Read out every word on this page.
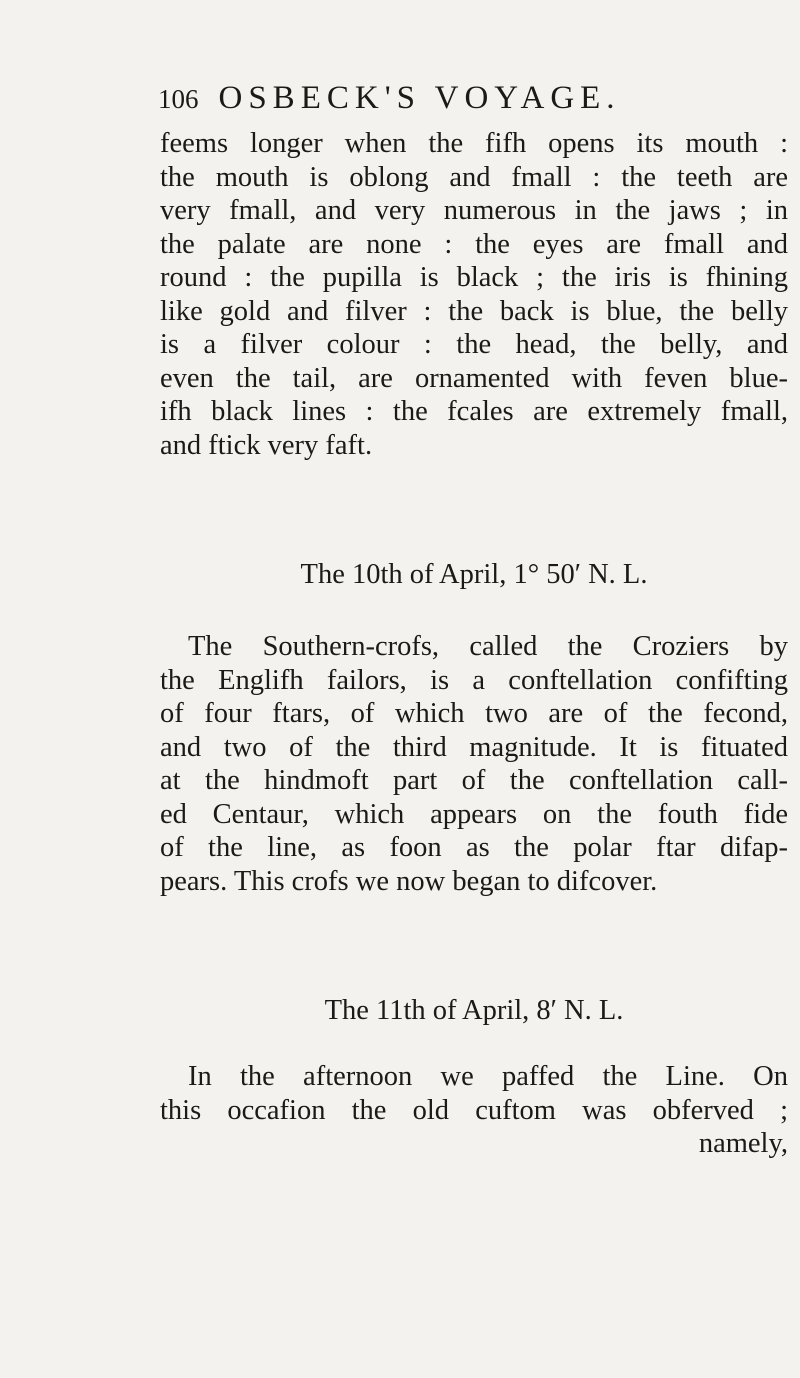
106 OSBECK'S VOYAGE.
feems longer when the fifh opens its mouth :
the mouth is oblong and fmall : the teeth are
very fmall, and very numerous in the jaws ; in
the palate are none : the eyes are fmall and
round : the pupilla is black ; the iris is fhining
like gold and filver : the back is blue, the belly
is a filver colour : the head, the belly, and
even the tail, are ornamented with feven blue-
ifh black lines : the fcales are extremely fmall,
and ftick very faft.
The 10th of April, 1° 50′ N. L.
The Southern-crofs, called the Croziers by
the Englifh failors, is a conftellation confifting
of four ftars, of which two are of the fecond,
and two of the third magnitude. It is fituated
at the hindmoft part of the conftellation call-
ed Centaur, which appears on the fouth fide
of the line, as foon as the polar ftar difap-
pears. This crofs we now began to difcover.
The 11th of April, 8′ N. L.
In the afternoon we paffed the Line. On
this occafion the old cuftom was obferved ;
namely,
